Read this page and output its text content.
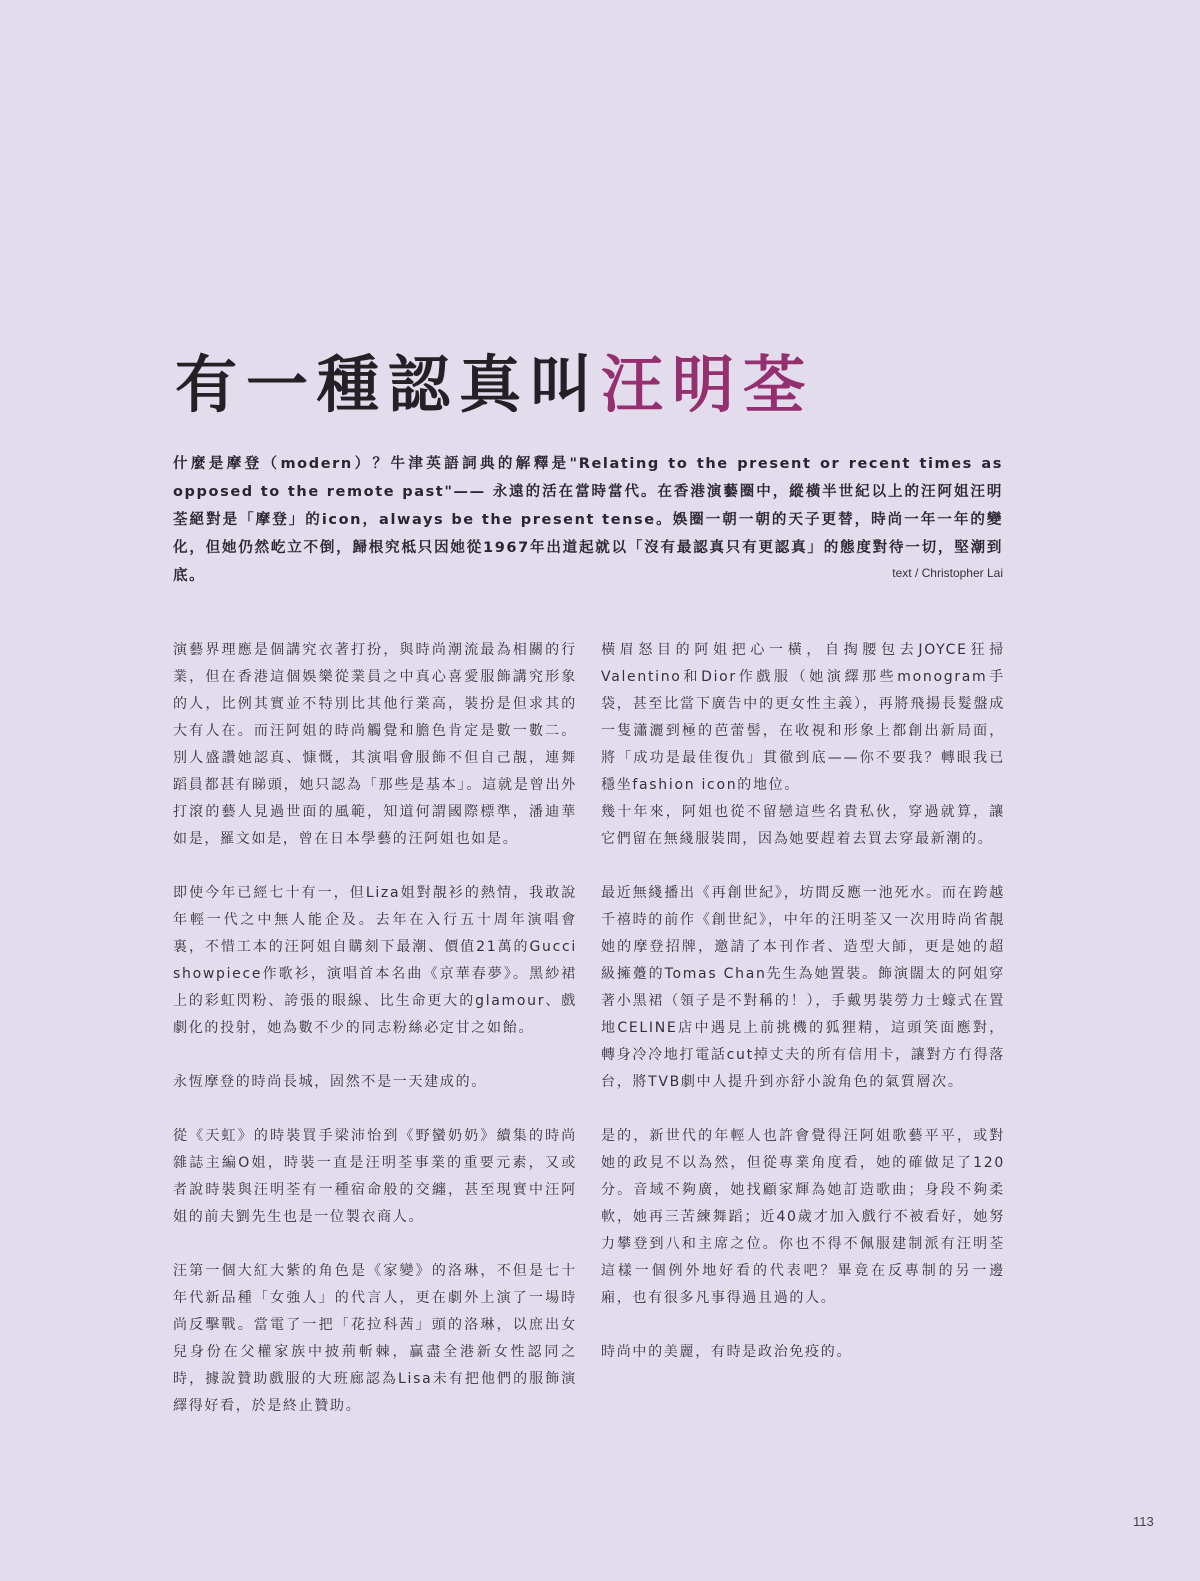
有一種認真叫汪明荃

什麼是摩登（modern）？牛津英語詞典的解釋是"Relating to the present or recent times as opposed to the remote past"—— 永遠的活在當時當代。在香港演藝圈中，縱橫半世紀以上的汪阿姐汪明荃絕對是「摩登」的icon，always be the present tense。娛圈一朝一朝的天子更替，時尚一年一年的變化，但她仍然屹立不倒，歸根究柢只因她從1967年出道起就以「沒有最認真只有更認真」的態度對待一切，堅潮到底。	text / Christopher Lai

演藝界理應是個講究衣著打扮，與時尚潮流最為相關的行業，但在香港這個娛樂從業員之中真心喜愛服飾講究形象的人，比例其實並不特別比其他行業高，裝扮是但求其的大有人在。而汪阿姐的時尚觸覺和膽色肯定是數一數二。別人盛讚她認真、慷慨，其演唱會服飾不但自己靚，連舞蹈員都甚有睇頭，她只認為「那些是基本」。這就是曾出外打滾的藝人見過世面的風範，知道何謂國際標準，潘迪華如是，羅文如是，曾在日本學藝的汪阿姐也如是。

即使今年已經七十有一，但Liza姐對靚衫的熱情，我敢說年輕一代之中無人能企及。去年在入行五十周年演唱會裏，不惜工本的汪阿姐自購刻下最潮、價值21萬的Gucci showpiece作歌衫，演唱首本名曲《京華春夢》。黑紗裙上的彩虹閃粉、誇張的眼線、比生命更大的glamour、戲劇化的投射，她為數不少的同志粉絲必定甘之如飴。

永恆摩登的時尚長城，固然不是一天建成的。

從《天虹》的時裝買手梁沛怡到《野蠻奶奶》續集的時尚雜誌主編O姐，時裝一直是汪明荃事業的重要元素，又或者說時裝與汪明荃有一種宿命般的交纏，甚至現實中汪阿姐的前夫劉先生也是一位製衣商人。

汪第一個大紅大紫的角色是《家變》的洛琳，不但是七十年代新品種「女強人」的代言人，更在劇外上演了一場時尚反擊戰。當電了一把「花拉科茜」頭的洛琳，以庶出女兒身份在父權家族中披荊斬棘，贏盡全港新女性認同之時，據說贊助戲服的大班廊認為Lisa未有把他們的服飾演繹得好看，於是終止贊助。

橫眉怒目的阿姐把心一橫，自掏腰包去JOYCE狂掃Valentino和Dior作戲服（她演繹那些monogram手袋，甚至比當下廣告中的更女性主義），再將飛揚長髮盤成一隻瀟灑到極的芭蕾髻，在收視和形象上都創出新局面，將「成功是最佳復仇」貫徹到底——你不要我？轉眼我已穩坐fashion icon的地位。

幾十年來，阿姐也從不留戀這些名貴私伙，穿過就算，讓它們留在無綫服裝間，因為她要趕着去買去穿最新潮的。

最近無綫播出《再創世紀》，坊間反應一池死水。而在跨越千禧時的前作《創世紀》，中年的汪明荃又一次用時尚省靚她的摩登招牌，邀請了本刊作者、造型大師，更是她的超級擁躉的Tomas Chan先生為她置裝。飾演闊太的阿姐穿著小黑裙（領子是不對稱的！），手戴男裝勞力士蠔式在置地CELINE店中遇見上前挑機的狐狸精，這頭笑面應對，轉身冷冷地打電話cut掉丈夫的所有信用卡，讓對方冇得落台，將TVB劇中人提升到亦舒小說角色的氣質層次。

是的，新世代的年輕人也許會覺得汪阿姐歌藝平平，或對她的政見不以為然，但從專業角度看，她的確做足了120分。音域不夠廣，她找顧家輝為她訂造歌曲；身段不夠柔軟，她再三苦練舞蹈；近40歲才加入戲行不被看好，她努力攀登到八和主席之位。你也不得不佩服建制派有汪明荃這樣一個例外地好看的代表吧？畢竟在反專制的另一邊廂，也有很多凡事得過且過的人。

時尚中的美麗，有時是政治免疫的。

113
